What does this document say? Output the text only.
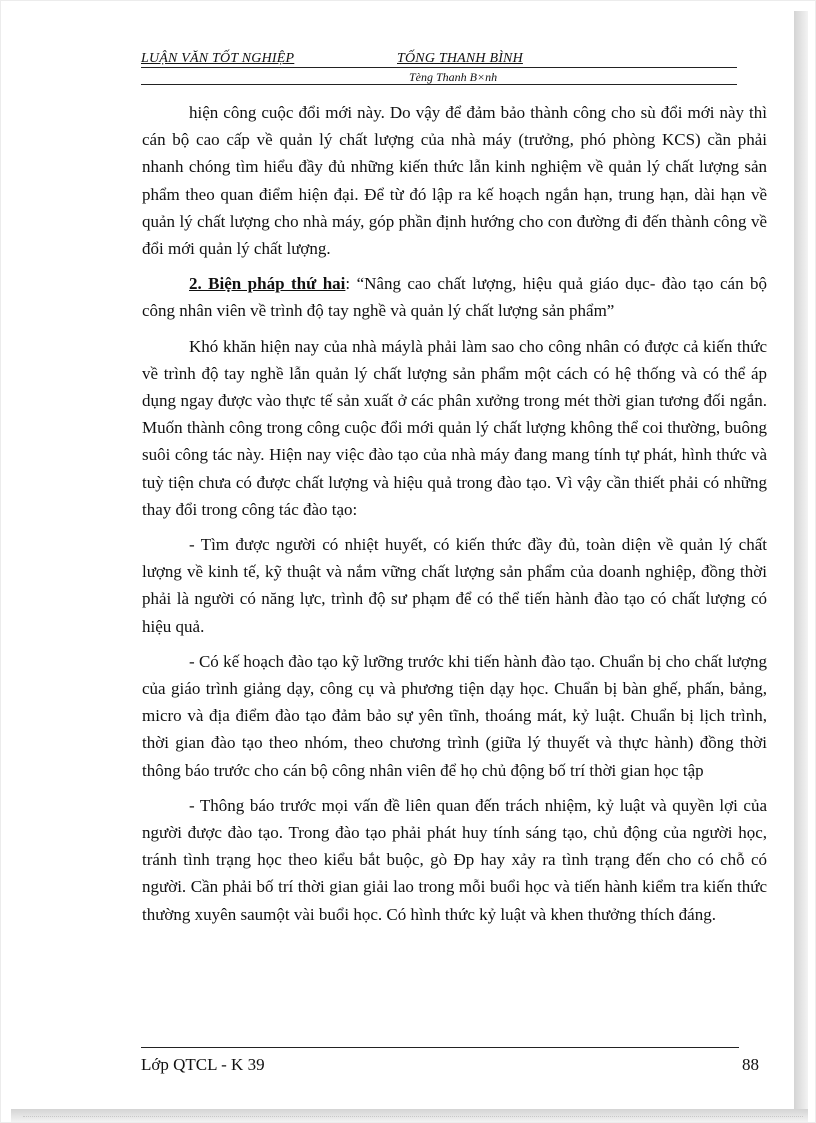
LUẬN VĂN TỐT NGHIỆP	TỐNG THANH BÌNH
Tèng Thanh B×nh

hiện công cuộc đổi mới này. Do vậy để đảm bảo thành công cho sù đổi mới này thì cán bộ cao cấp về quản lý chất lượng của nhà máy (trưởng, phó phòng KCS) cần phải nhanh chóng tìm hiểu đầy đủ những kiến thức lẫn kinh nghiệm về quản lý chất lượng sản phẩm theo quan điểm hiện đại. Để từ đó lập ra kế hoạch ngắn hạn, trung hạn, dài hạn về quản lý chất lượng cho nhà máy, góp phần định hướng cho con đường đi đến thành công về đổi mới quản lý chất lượng.

2. Biện pháp thứ hai: “Nâng cao chất lượng, hiệu quả giáo dục- đào tạo cán bộ công nhân viên về trình độ tay nghề và quản lý chất lượng sản phẩm”

Khó khăn hiện nay của nhà máylà phải làm sao cho công nhân có được cả kiến thức về trình độ tay nghề lẫn quản lý chất lượng sản phẩm một cách có hệ thống và có thể áp dụng ngay được vào thực tế sản xuất ở các phân xưởng trong mét thời gian tương đối ngắn. Muốn thành công trong công cuộc đổi mới quản lý chất lượng không thể coi thường, buông suôi công tác này. Hiện nay việc đào tạo của nhà máy đang mang tính tự phát, hình thức và tuỳ tiện chưa có được chất lượng và hiệu quả trong đào tạo. Vì vậy cần thiết phải có những thay đổi trong công tác đào tạo:

- Tìm được người có nhiệt huyết, có kiến thức đầy đủ, toàn diện về quản lý chất lượng về kinh tế, kỹ thuật và nắm vững chất lượng sản phẩm của doanh nghiệp, đồng thời phải là người có năng lực, trình độ sư phạm để có thể tiến hành đào tạo có chất lượng có hiệu quả.

- Có kế hoạch đào tạo kỹ lưỡng trước khi tiến hành đào tạo. Chuẩn bị cho chất lượng của giáo trình giảng dạy, công cụ và phương tiện dạy học. Chuẩn bị bàn ghế, phấn, bảng, micro và địa điểm đào tạo đảm bảo sự yên tĩnh, thoáng mát, kỷ luật. Chuẩn bị lịch trình, thời gian đào tạo theo nhóm, theo chương trình (giữa lý thuyết và thực hành) đồng thời thông báo trước cho cán bộ công nhân viên để họ chủ động bố trí thời gian học tập

- Thông báo trước mọi vấn đề liên quan đến trách nhiệm, kỷ luật và quyền lợi của người được đào tạo. Trong đào tạo phải phát huy tính sáng tạo, chủ động của người học, tránh tình trạng học theo kiểu bắt buộc, gò Đp hay xảy ra tình trạng đến cho có chỗ có người. Cần phải bố trí thời gian giải lao trong mỗi buổi học và tiến hành kiểm tra kiến thức thường xuyên saumột vài buổi học. Có hình thức kỷ luật và khen thưởng thích đáng.

Lớp QTCL - K 39	88
